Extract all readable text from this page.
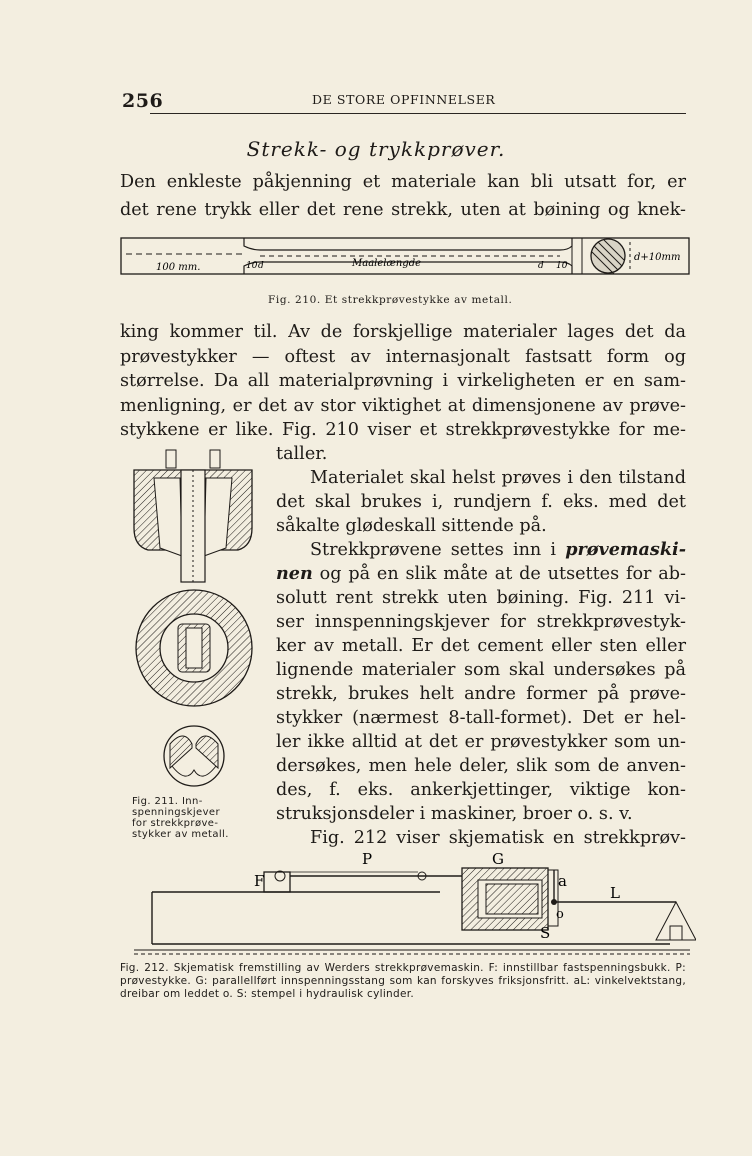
256	DE STORE OPFINNELSER
Strekk- og trykkprøver.
Den enkleste påkjenning et materiale kan bli utsatt for, er
det rene trykk eller det rene strekk, uten at bøining og knek-
100 mm.	10 d	Maalelængde	d 10
d+10mm
Fig. 210. Et strekkprøvestykke av metall.
king kommer til. Av de forskjellige materialer lages det da
prøvestykker — oftest av internasjonalt fastsatt form og
størrelse. Da all materialprøvning i virkeligheten er en sam-
menligning, er det av stor viktighet at dimensjonene av prøve-
stykkene er like. Fig. 210 viser et strekkprøvestykke for me-
taller.
Materialet skal helst prøves i den tilstand
det skal brukes i, rundjern f. eks. med det
såkalte glødeskall sittende på.
Strekkprøvene settes inn i prøvemaski-
nen og på en slik måte at de utsettes for ab-
solutt rent strekk uten bøining. Fig. 211 vi-
ser innspenningskjever for strekkprøvestyk-
ker av metall. Er det cement eller sten eller
lignende materialer som skal undersøkes på
strekk, brukes helt andre former på prøve-
stykker (nærmest 8-tall-formet). Det er hel-
ler ikke alltid at det er prøvestykker som un-
dersøkes, men hele deler, slik som de anven-
des, f. eks. ankerkjettinger, viktige kon-
struksjonsdeler i maskiner, broer o. s. v.
Fig. 212 viser skjematisk en strekkprøv-
Fig. 211. Inn-
spenningskjever
for strekkprøve-
stykker av metall.
P	G
F	a
L
o
S
Fig. 212. Skjematisk fremstilling av Werders strekkprøvemaskin. F: innstillbar fastspenningsbukk. P: prøvestykke. G: parallellført innspenningsstang som kan forskyves friksjonsfritt. aL: vinkelvektstang, dreibar om leddet o. S: stempel i hydraulisk cylinder.
